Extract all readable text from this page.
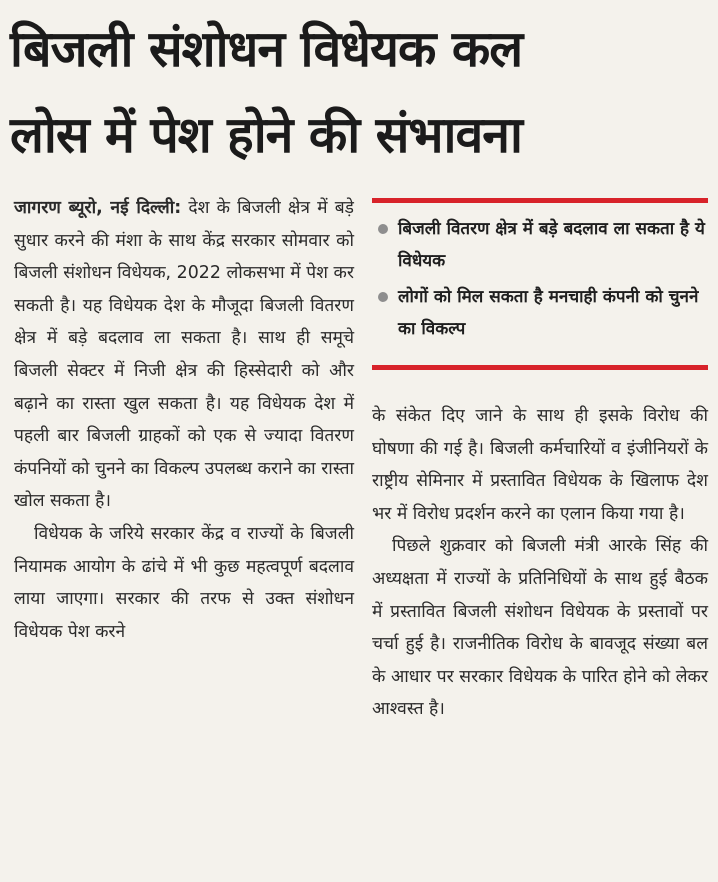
बिजली संशोधन विधेयक कल
लोस में पेश होने की संभावना

जागरण ब्यूरो, नई दिल्ली: देश के बिजली क्षेत्र में बड़े सुधार करने की मंशा के साथ केंद्र सरकार सोमवार को बिजली संशोधन विधेयक, 2022 लोकसभा में पेश कर सकती है। यह विधेयक देश के मौजूदा बिजली वितरण क्षेत्र में बड़े बदलाव ला सकता है। साथ ही समूचे बिजली सेक्टर में निजी क्षेत्र की हिस्सेदारी को और बढ़ाने का रास्ता खुल सकता है। यह विधेयक देश में पहली बार बिजली ग्राहकों को एक से ज्यादा वितरण कंपनियों को चुनने का विकल्प उपलब्ध कराने का रास्ता खोल सकता है।

विधेयक के जरिये सरकार केंद्र व राज्यों के बिजली नियामक आयोग के ढांचे में भी कुछ महत्वपूर्ण बदलाव लाया जाएगा। सरकार की तरफ से उक्त संशोधन विधेयक पेश करने

बिजली वितरण क्षेत्र में बड़े बदलाव ला सकता है ये विधेयक
लोगों को मिल सकता है मनचाही कंपनी को चुनने का विकल्प

के संकेत दिए जाने के साथ ही इसके विरोध की घोषणा की गई है। बिजली कर्मचारियों व इंजीनियरों के राष्ट्रीय सेमिनार में प्रस्तावित विधेयक के खिलाफ देश भर में विरोध प्रदर्शन करने का एलान किया गया है।

पिछले शुक्रवार को बिजली मंत्री आरके सिंह की अध्यक्षता में राज्यों के प्रतिनिधियों के साथ हुई बैठक में प्रस्तावित बिजली संशोधन विधेयक के प्रस्तावों पर चर्चा हुई है। राजनीतिक विरोध के बावजूद संख्या बल के आधार पर सरकार विधेयक के पारित होने को लेकर आश्वस्त है।
